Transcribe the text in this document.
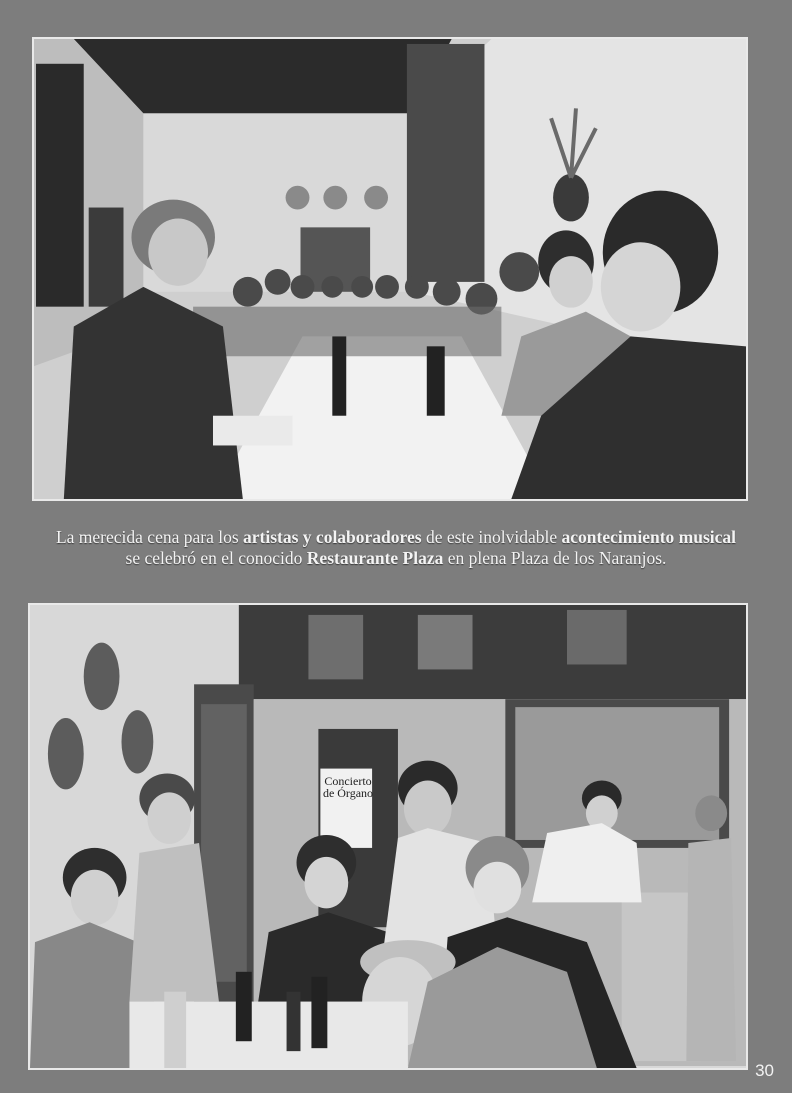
La merecida cena para los artistas y colaboradores de este inolvidable acontecimiento musical
se celebró en el conocido Restaurante Plaza en plena Plaza de los Naranjos.
Concierto
de Órgano
30
